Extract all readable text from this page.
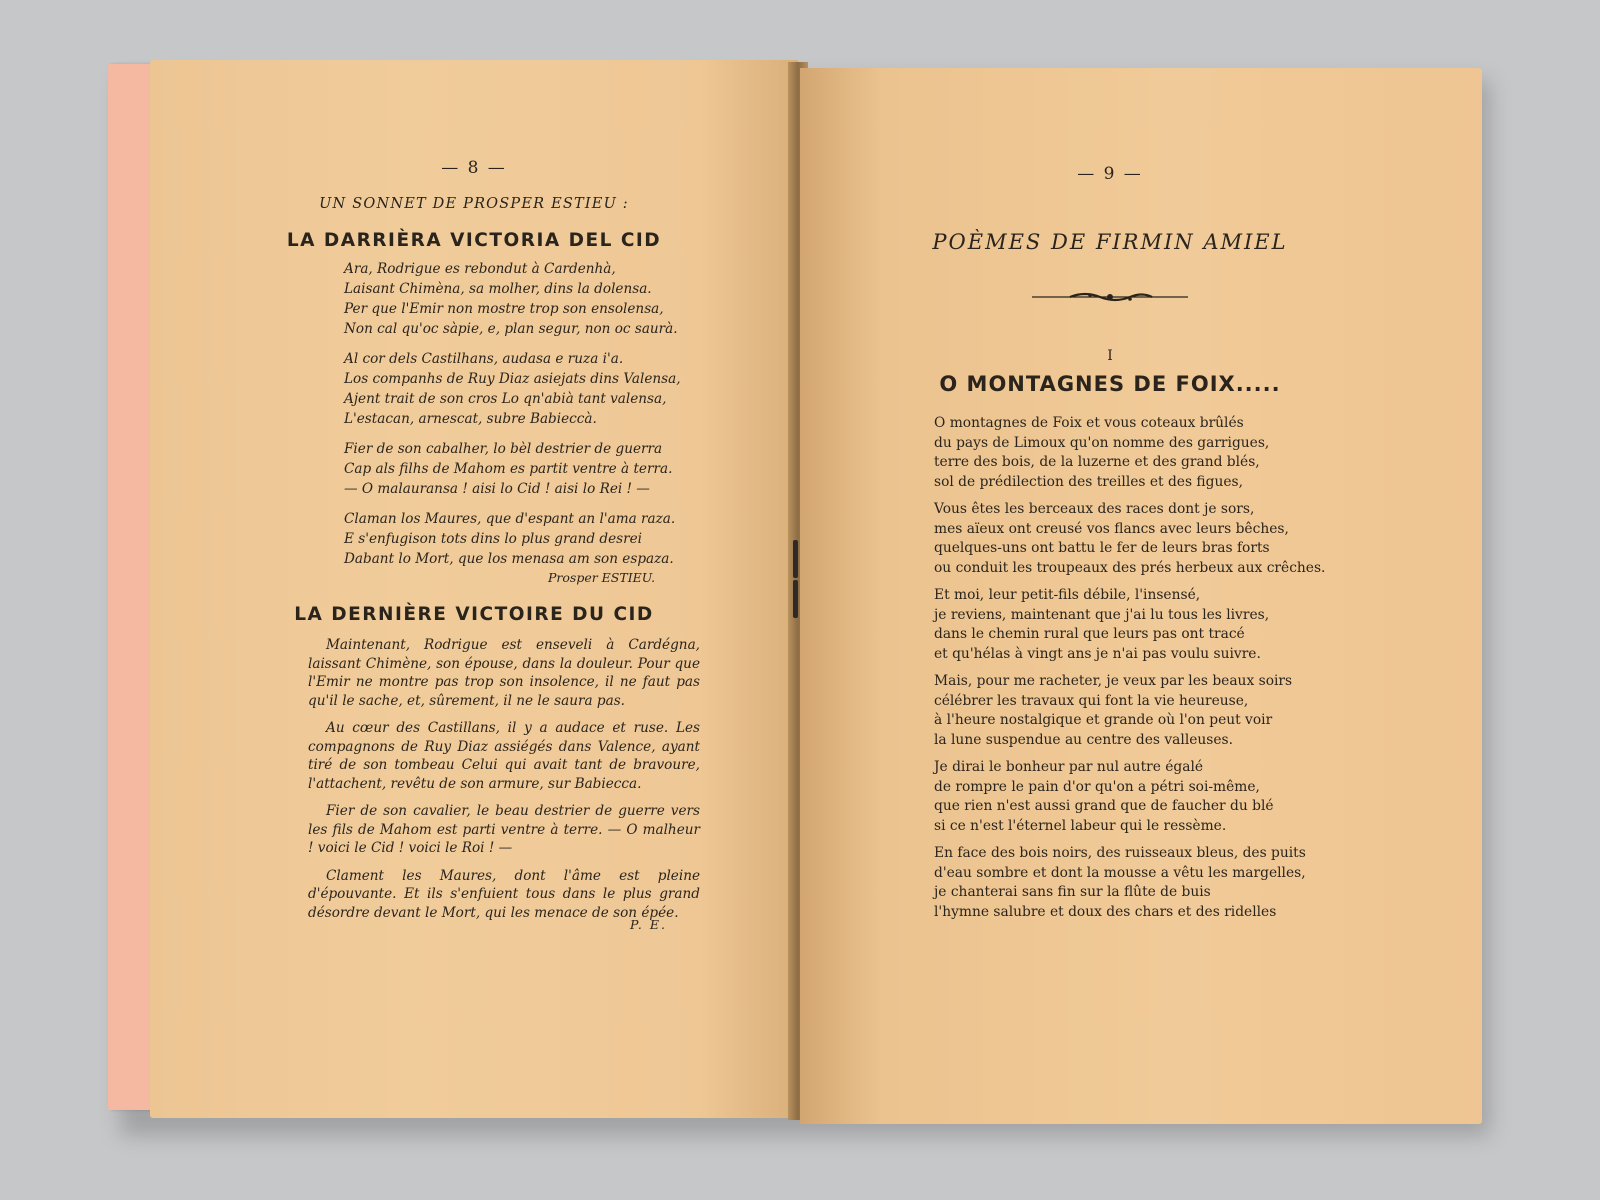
— 8 —
UN SONNET DE PROSPER ESTIEU :
LA DARRIÈRA VICTORIA DEL CID
Ara, Rodrigue es rebondut à Cardenhà,
Laisant Chimèna, sa molher, dins la dolensa.
Per que l'Emir non mostre trop son ensolensa,
Non cal qu'oc sàpie, e, plan segur, non oc saurà.
Al cor dels Castilhans, audasa e ruza i'a.
Los companhs de Ruy Diaz asiejats dins Valensa,
Ajent trait de son cros Lo qn'abià tant valensa,
L'estacan, arnescat, subre Babieccà.
Fier de son cabalher, lo bèl destrier de guerra
Cap als filhs de Mahom es partit ventre à terra.
— O malauransa ! aisi lo Cid ! aisi lo Rei ! —
Claman los Maures, que d'espant an l'ama raza.
E s'enfugison tots dins lo plus grand desrei
Dabant lo Mort, que los menasa am son espaza.
Prosper ESTIEU.
LA DERNIÈRE VICTOIRE DU CID

Maintenant, Rodrigue est enseveli à Cardégna, laissant Chimène, son épouse, dans la douleur. Pour que l'Emir ne montre pas trop son insolence, il ne faut pas qu'il le sache, et, sûrement, il ne le saura pas.

Au cœur des Castillans, il y a audace et ruse. Les compagnons de Ruy Diaz assiégés dans Valence, ayant tiré de son tombeau Celui qui avait tant de bravoure, l'attachent, revêtu de son armure, sur Babiecca.

Fier de son cavalier, le beau destrier de guerre vers les fils de Mahom est parti ventre à terre. — O malheur ! voici le Cid ! voici le Roi ! —

Clament les Maures, dont l'âme est pleine d'épouvante. Et ils s'enfuient tous dans le plus grand désordre devant le Mort, qui les menace de son épée.

P. E.
— 9 —
POÈMES DE FIRMIN AMIEL
I
O MONTAGNES DE FOIX.....
O montagnes de Foix et vous coteaux brûlés
du pays de Limoux qu'on nomme des garrigues,
terre des bois, de la luzerne et des grand blés,
sol de prédilection des treilles et des figues,
Vous êtes les berceaux des races dont je sors,
mes aïeux ont creusé vos flancs avec leurs bêches,
quelques-uns ont battu le fer de leurs bras forts
ou conduit les troupeaux des prés herbeux aux crêches.
Et moi, leur petit-fils débile, l'insensé,
je reviens, maintenant que j'ai lu tous les livres,
dans le chemin rural que leurs pas ont tracé
et qu'hélas à vingt ans je n'ai pas voulu suivre.
Mais, pour me racheter, je veux par les beaux soirs
célébrer les travaux qui font la vie heureuse,
à l'heure nostalgique et grande où l'on peut voir
la lune suspendue au centre des valleuses.
Je dirai le bonheur par nul autre égalé
de rompre le pain d'or qu'on a pétri soi-même,
que rien n'est aussi grand que de faucher du blé
si ce n'est l'éternel labeur qui le ressème.
En face des bois noirs, des ruisseaux bleus, des puits
d'eau sombre et dont la mousse a vêtu les margelles,
je chanterai sans fin sur la flûte de buis
l'hymne salubre et doux des chars et des ridelles
